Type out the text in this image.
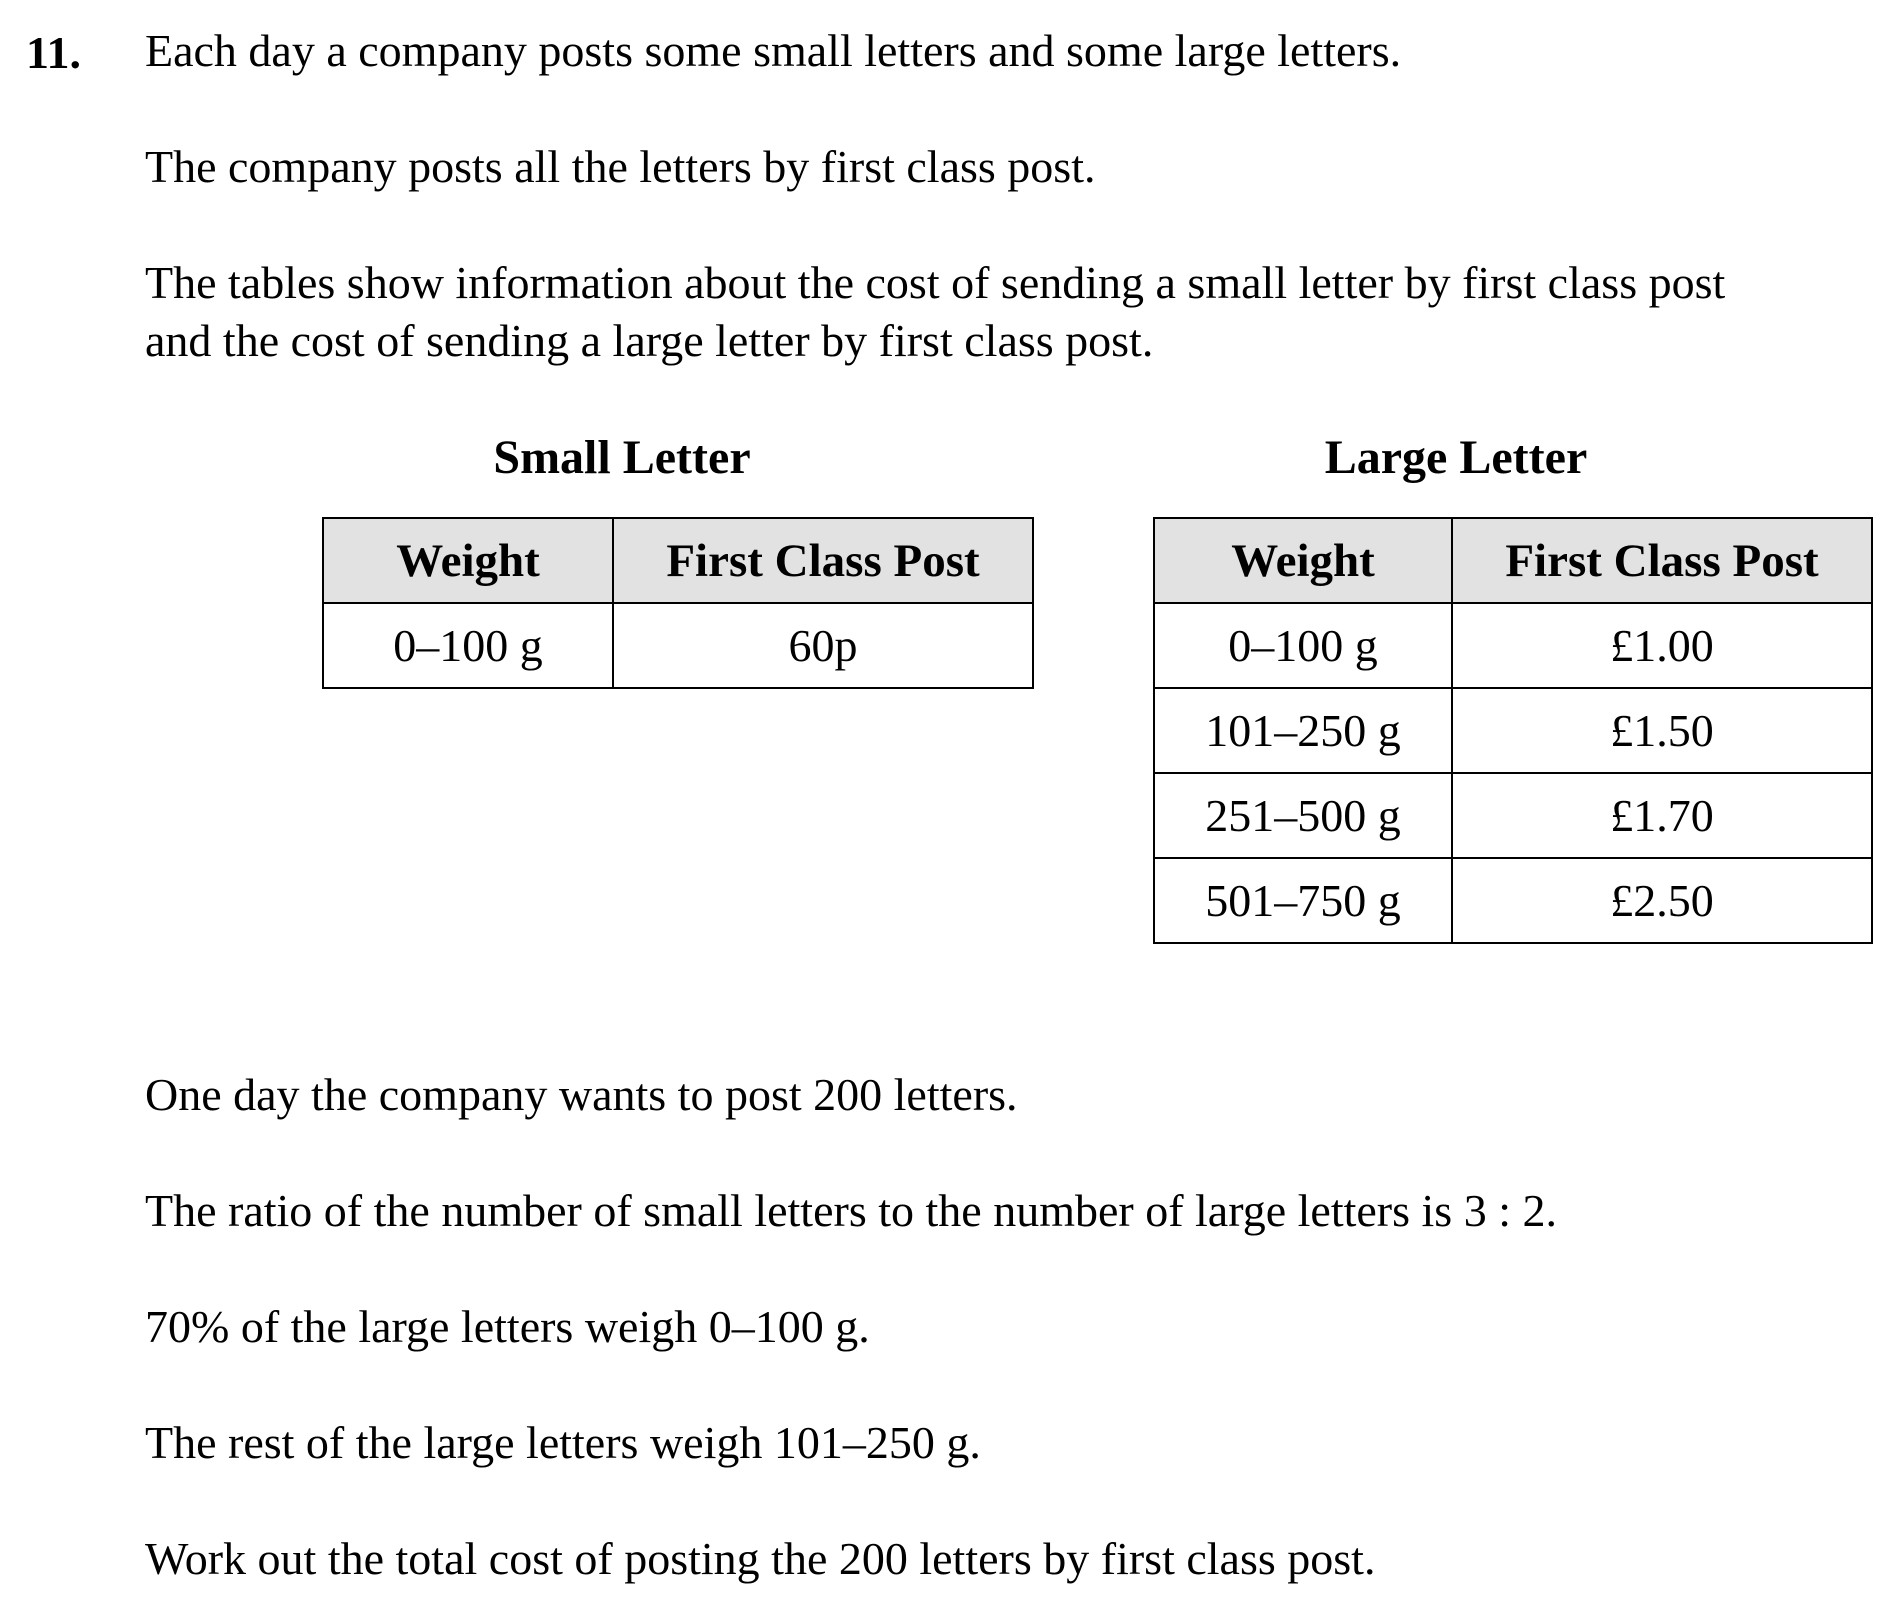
11. Each day a company posts some small letters and some large letters.
The company posts all the letters by first class post.
The tables show information about the cost of sending a small letter by first class post
and the cost of sending a large letter by first class post.
Small Letter	Large Letter
Weight	First Class Post
0–100 g	60p
Weight	First Class Post
0–100 g	£1.00
101–250 g	£1.50
251–500 g	£1.70
501–750 g	£2.50
One day the company wants to post 200 letters.
The ratio of the number of small letters to the number of large letters is 3 : 2.
70% of the large letters weigh 0–100 g.
The rest of the large letters weigh 101–250 g.
Work out the total cost of posting the 200 letters by first class post.
